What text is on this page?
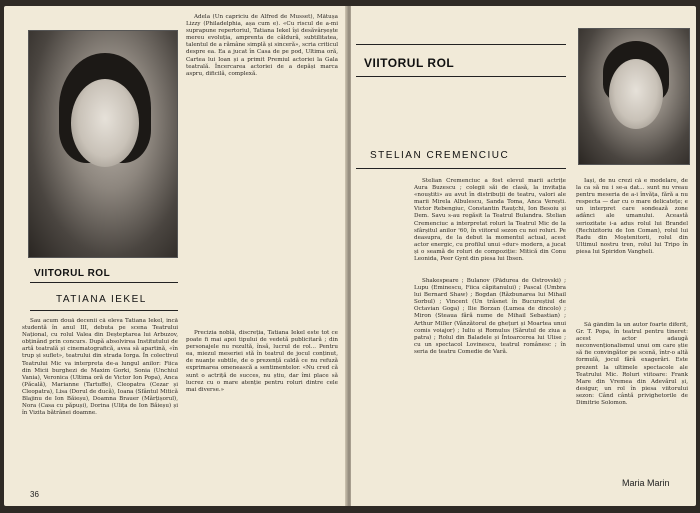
VIITORUL ROL
TATIANA IEKEL

Sau acum două decenii că eleva Tatiana Iekel, încă studentă în anul III, debuta pe scena Teatrului Național, cu rolul Valea din Deșteptarea lui Arbuzov, obținând prin concurs. După absolvirea Institutului de artă teatrală și cinematografică, avea să apartină, «în trup și suflet», teatrului din strada Iorga. În colectivul Teatrului Mic va interpreta de-a lungul anilor: Fiica din Micii burghezi de Maxim Gorki, Sonia (Unchiul Vania), Veronica (Ultima oră de Victor Ion Popa), Anca (Păcală), Marianne (Tartuffe), Cleopatra (Cezar și Cleopatra), Lisa (Dorul de ducă), Ioana (Sfântul Mitică Blajinu de Ion Băieșu), Doamna Brauer (Mărțișorul), Nora (Casa cu păpuși), Dorina (Ulița de Ion Băieșu) și în Vizita bătrânei doamne.

Adela (Un capriciu de Alfred de Musset), Mătușa Lizzy (Philadelphia, așa cum e). «Cu riscul de a-mi suprapune repertoriul, Tatiana Iekel își desăvârșește mereu evoluția, amprenta de căldură, subtilitatea, talentul de a rămâne simplă și sinceră», scria criticul despre ea. Ea a jucat în Casa de pe pod, Ultima oră, Cartea lui Ioan și a primit Premiul actoriei la Gala teatrală. Încercarea actoriei de a depăși marca aspru, dificilă, complexă.

Precizia noblă, discreția, Tatiana Iekel este tot ce poate fi mai apoi tipului de vedetă publicitară ; din personajele nu rezultă, însă, lucrul de rol... Pentru ea, miezul meseriei stă în teatrul de jocul conținut, de nuanțe subtile, de o prezență caldă ce nu refuză exprimarea omenească a sentimentelor. «Nu cred că sunt o actriță de succes, nu știu, dar îmi place să lucrez cu o mare atenție pentru roluri dintre cele mai diverse.»

36
VIITORUL ROL
STELIAN CREMENCIUC

Stelian Cremenciuc a fost elevul marii actrițe Aura Buzescu ; colegii săi de clasă, la invitația «nouștiti» au avut în distribuții de teatru, valori ale marii Mirela Albulescu, Sanda Toma, Anca Verești. Victor Rebengiuc, Constantin Rauțchi, Ion Besoiu și Dem. Savu s-au regăsit la Teatrul Bulandra. Stelian Cremenciuc a interpretat roluri la Teatrul Mic de la sfârșitul anilor '60, în viitorul sezon cu noi roluri. Pe deasupra, de la debut la momentul actual, acest actor energic, cu profilul unui «dur» modern, a jucat și o seamă de roluri de compoziție: Mitică din Conu Leonida, Peer Gynt din piesa lui Ibsen.

Shakespeare ; Bulanov (Pădurea de Ostrovski) ; Lupu (Eminescu, Fiica căpitanului) ; Pascal (Umbra lui Bernard Shaw) ; Bogdan (Răzbunarea lui Mihail Sorbul) ; Vincent (Un trăsnet în Bucureștiul de Octavian Goga) ; Ilie Borzan (Lumea de dincolo) ; Miron (Steaua fără nume de Mihail Sebastian) ; Arthur Miller (Vânzătorul de ghețuri și Moartea unui comis voiajor) ; Iuliu și Romulus (Sărutul de ziua a patra) ; Rolul din Baladele și Întoarcerea lui Ulise ; cu un spectacol Lovinescu, teatrul românesc ; în seria de teatru Comedie de Vară.

Iași, de nu crezi că e modelare, de la ca să nu i se-a dat... sunt nu vreau pentru meseria de a-i învăța, fără a nu respecta — dar cu o mare delicatețe; e un interpret care sondează zone adânci ale umanului. Această seriozitate i-a adus rolul lui Brandel (Rechizitoriu de Ion Coman), rolul lui Radu din Moștenitorii, rolul din Ultimul nostru tren, rolul lui Tripo în piesa lui Spiridon Vangheli.

Să gândim la un autor foarte diferit, Gr. T. Popa, în teatrul pentru tineret: acest actor adaugă neconvenționalismul unui om care știe să fie convingător pe scenă, într-o altă formulă, jocul fără exagerări. Este prezent la ultimele spectacole ale Teatrului Mic. Roluri viitoare: Frank Mare din Vremea din Adevărul și, desigur, un rol în piesa viitorului sezon: Când cântă privighetorile de Dimitrie Solomon.

Maria Marin
